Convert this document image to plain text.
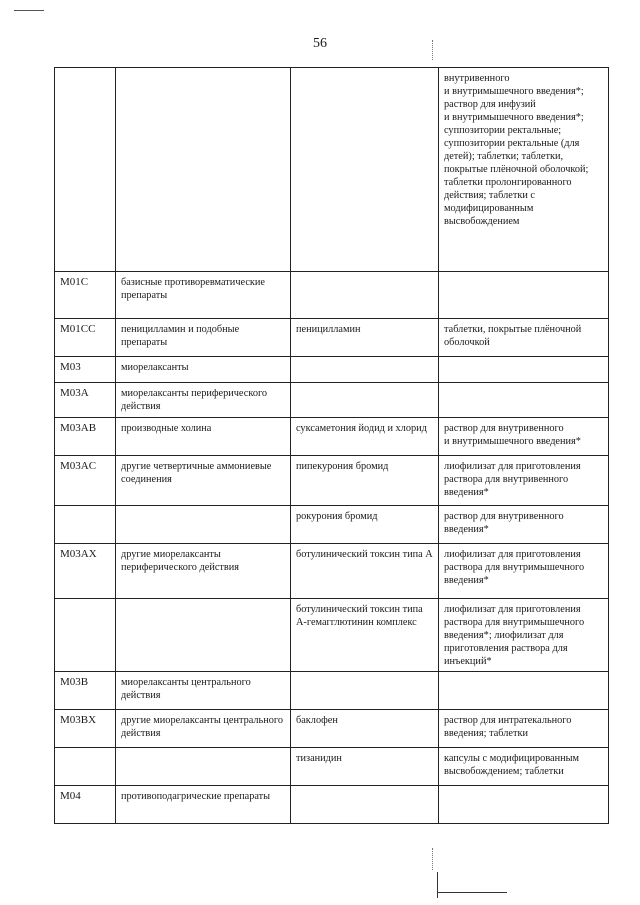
56
			внутривенного
и внутримышечного введения*; раствор для инфузий
и внутримышечного введения*; суппозитории ректальные; суппозитории ректальные (для детей); таблетки; таблетки, покрытые плёночной оболочкой; таблетки пролонгированного действия; таблетки с модифицированным высвобождением
M01C	базисные противоревматические препараты		
M01CC	пеницилламин и подобные препараты	пеницилламин	таблетки, покрытые плёночной оболочкой
M03	миорелаксанты		
M03A	миорелаксанты периферического действия		
M03AB	производные холина	суксаметония йодид и хлорид	раствор для внутривенного
и внутримышечного введения*
M03AC	другие четвертичные аммониевые соединения	пипекурония бромид	лиофилизат для приготовления раствора для внутривенного введения*
		рокурония бромид	раствор для внутривенного введения*
M03AX	другие миорелаксанты периферического действия	ботулинический токсин типа А	лиофилизат для приготовления раствора для внутримышечного введения*
		ботулинический токсин типа А-гемагглютинин комплекс	лиофилизат для приготовления раствора для внутримышечного введения*; лиофилизат для приготовления раствора для инъекций*
M03B	миорелаксанты центрального действия		
M03BX	другие миорелаксанты центрального действия	баклофен	раствор для интратекального введения; таблетки
		тизанидин	капсулы с модифицированным высвобождением; таблетки
M04	противоподагрические препараты		
